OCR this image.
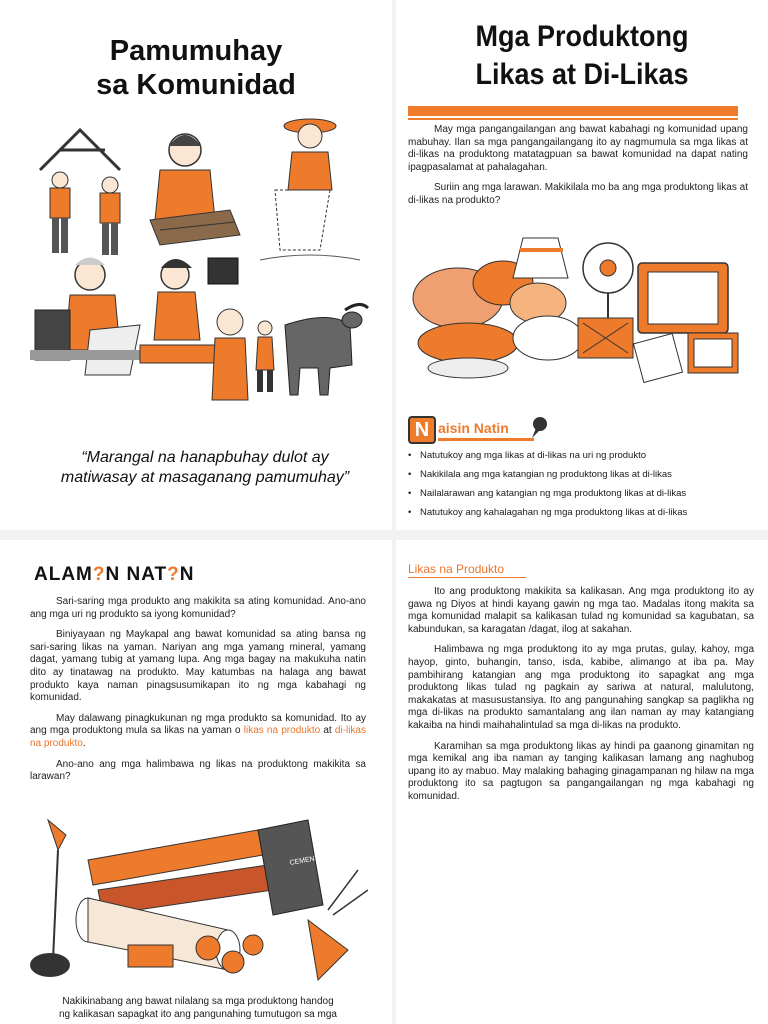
Pamumuhay
sa Komunidad
“Marangal na hanapbuhay dulot ay
matiwasay at masaganang pamumuhay”
Mga Produktong
Likas at Di-Likas

May mga pangangailangan ang bawat kabahagi ng komunidad upang mabuhay. Ilan sa mga pangangailangang ito ay nagmumula sa mga likas at di-likas na produktong matatagpuan sa bawat komunidad na dapat nating ipagpasalamat at pahalagahan.

Suriin ang mga larawan. Makikilala mo ba ang mga produktong likas at di-likas na produkto?

N aisin Natin
• Natutukoy ang mga likas at di-likas na uri ng produkto
• Nakikilala ang mga katangian ng produktong likas at di-likas
• Nailalarawan ang katangian ng mga produktong likas at di-likas
• Natutukoy ang kahalagahan ng mga produktong likas at di-likas
ALAM?N NAT?N

Sari-saring mga produkto ang makikita sa ating komunidad. Ano-ano ang mga uri ng produkto sa iyong komunidad?

Biniyayaan ng Maykapal ang bawat komunidad sa ating bansa ng sari-saring likas na yaman. Nariyan ang mga yamang mineral, yamang dagat, yamang tubig at yamang lupa. Ang mga bagay na makukuha natin dito ay tinatawag na produkto. May katumbas na halaga ang bawat produkto kaya naman pinagsusumikapan ito ng mga kabahagi ng komunidad.

May dalawang pinagkukunan ng mga produkto sa komunidad. Ito ay ang mga produktong mula sa likas na yaman o likas na produkto at di-likas na produkto.

Ano-ano ang mga halimbawa ng likas na produktong makikita sa larawan?

CEMENT
Nakikinabang ang bawat nilalang sa mga produktong handog
ng kalikasan sapagkat ito ang pangunahing tumutugon sa mga
Likas na Produkto

Ito ang produktong makikita sa kalikasan. Ang mga produktong ito ay gawa ng Diyos at hindi kayang gawin ng mga tao. Madalas itong makita sa mga komunidad malapit sa kalikasan tulad ng komunidad sa kagubatan, sa kabundukan, sa karagatan /dagat, ilog at sakahan.

Halimbawa ng mga produktong ito ay mga prutas, gulay, kahoy, mga hayop, ginto, buhangin, tanso, isda, kabibe, alimango at iba pa. May pambihirang katangian ang mga produktong ito sapagkat ang mga produktong likas tulad ng pagkain ay sariwa at natural, malulutong, makakatas at masusustansiya. Ito ang pangunahing sangkap sa paglikha ng mga di-likas na produkto samantalang ang ilan naman ay may katangiang kakaiba na hindi maihahalintulad sa mga di-likas na produkto.

Karamihan sa mga produktong likas ay hindi pa gaanong ginamitan ng mga kemikal ang iba naman ay tanging kalikasan lamang ang naghubog upang ito ay mabuo. May malaking bahaging ginagampanan ng hilaw na mga produktong ito sa pagtugon sa pangangailangan ng mga kabahagi ng komunidad.
